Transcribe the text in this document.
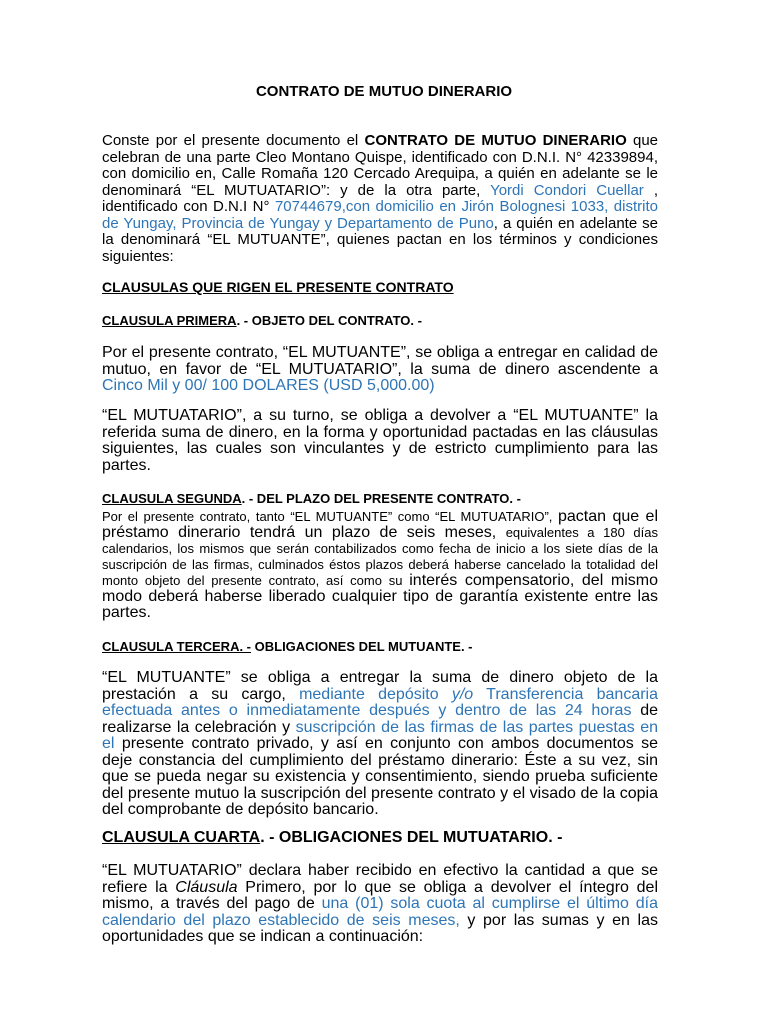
CONTRATO DE MUTUO DINERARIO
Conste por el presente documento el CONTRATO DE MUTUO DINERARIO que celebran de una parte Cleo Montano Quispe, identificado con D.N.I. N° 42339894, con domicilio en, Calle Romaña 120 Cercado Arequipa, a quién en adelante se le denominará “EL MUTUATARIO”: y de la otra parte, Yordi Condori Cuellar , identificado con D.N.I N° 70744679,con domicilio en Jirón Bolognesi 1033, distrito de Yungay, Provincia de Yungay y Departamento de Puno, a quién en adelante se la denominará “EL MUTUANTE”, quienes pactan en los términos y condiciones siguientes:
CLAUSULAS QUE RIGEN EL PRESENTE CONTRATO
CLAUSULA PRIMERA. - OBJETO DEL CONTRATO. -
Por el presente contrato, “EL MUTUANTE”, se obliga a entregar en calidad de mutuo, en favor de “EL MUTUATARIO”, la suma de dinero ascendente a Cinco Mil y 00/ 100 DOLARES (USD 5,000.00)
“EL MUTUATARIO”, a su turno, se obliga a devolver a “EL MUTUANTE” la referida suma de dinero, en la forma y oportunidad pactadas en las cláusulas siguientes, las cuales son vinculantes y de estricto cumplimiento para las partes.
CLAUSULA SEGUNDA. - DEL PLAZO DEL PRESENTE CONTRATO. -
Por el presente contrato, tanto “EL MUTUANTE” como “EL MUTUATARIO”, pactan que el préstamo dinerario tendrá un plazo de seis meses, equivalentes a 180 días calendarios, los mismos que serán contabilizados como fecha de inicio a los siete días de la suscripción de las firmas, culminados éstos plazos deberá haberse cancelado la totalidad del monto objeto del presente contrato, así como su interés compensatorio, del mismo modo deberá haberse liberado cualquier tipo de garantía existente entre las partes.
CLAUSULA TERCERA. - OBLIGACIONES DEL MUTUANTE. -
“EL MUTUANTE” se obliga a entregar la suma de dinero objeto de la prestación a su cargo, mediante depósito y/o Transferencia bancaria efectuada antes o inmediatamente después y dentro de las 24 horas de realizarse la celebración y suscripción de las firmas de las partes puestas en el presente contrato privado, y así en conjunto con ambos documentos se deje constancia del cumplimiento del préstamo dinerario: Éste a su vez, sin que se pueda negar su existencia y consentimiento, siendo prueba suficiente del presente mutuo la suscripción del presente contrato y el visado de la copia del comprobante de depósito bancario.
CLAUSULA CUARTA. - OBLIGACIONES DEL MUTUATARIO. -
“EL MUTUATARIO” declara haber recibido en efectivo la cantidad a que se refiere la Cláusula Primero, por lo que se obliga a devolver el íntegro del mismo, a través del pago de una (01) sola cuota al cumplirse el último día calendario del plazo establecido de seis meses, y por las sumas y en las oportunidades que se indican a continuación:
